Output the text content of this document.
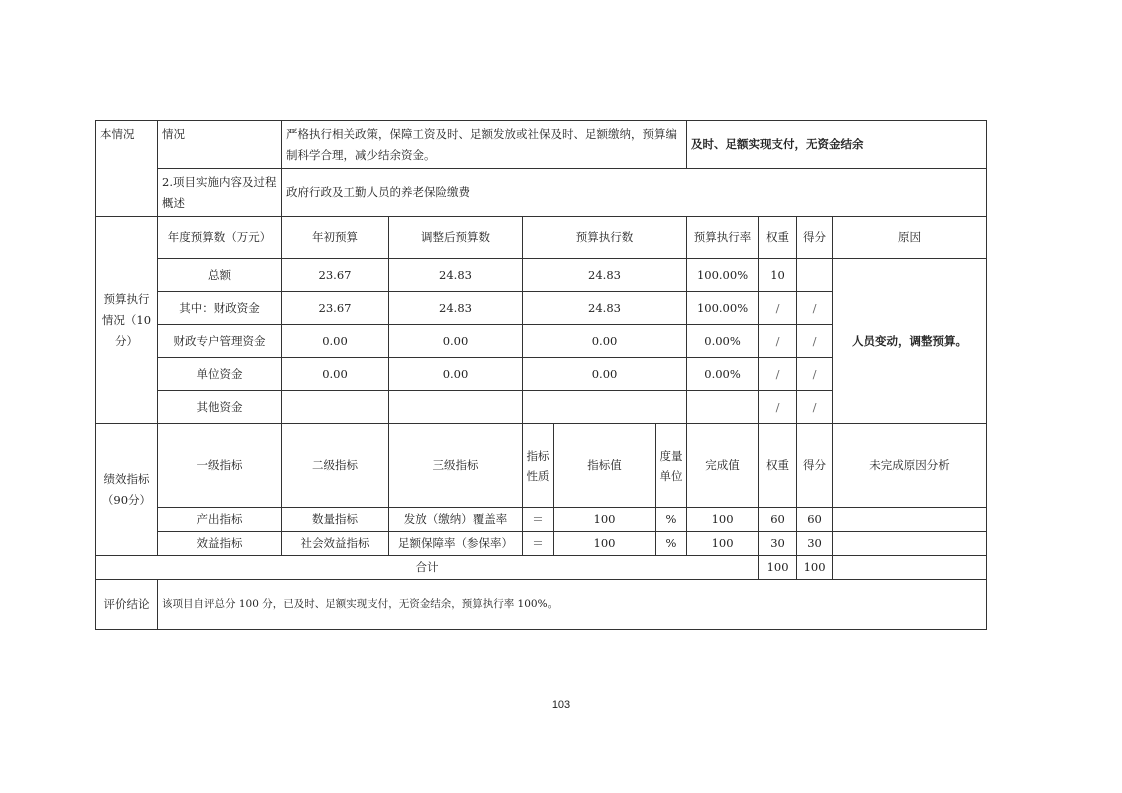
本情况	情况	严格执行相关政策，保障工资及时、足额发放或社保及时、足额缴纳，预算编制科学合理，减少结余资金。					及时、足额实现支付，无资金结余			
	2.项目实施内容及过程概述	政府行政及工勤人员的养老保险缴费								
预算执行情况（10分）	年度预算数（万元）	年初预算	调整后预算数	预算执行数			预算执行率	权重	得分	原因
	总额	23.67	24.83	24.83			100.00%	10		人员变动，调整预算。
	其中：财政资金	23.67	24.83	24.83			100.00%	/	/	
	财政专户管理资金	0.00	0.00	0.00			0.00%	/	/	
	单位资金	0.00	0.00	0.00			0.00%	/	/	
	其他资金							/	/	
绩效指标（90分）	一级指标	二级指标	三级指标	指标性质	指标值	度量单位	完成值	权重	得分	未完成原因分析
	产出指标	数量指标	发放（缴纳）覆盖率	＝	100	%	100	60	60	
	效益指标	社会效益指标	足额保障率（参保率）	＝	100	%	100	30	30	
合计								100	100	
评价结论	该项目自评总分 100 分，已及时、足额实现支付，无资金结余，预算执行率 100%。									
103
